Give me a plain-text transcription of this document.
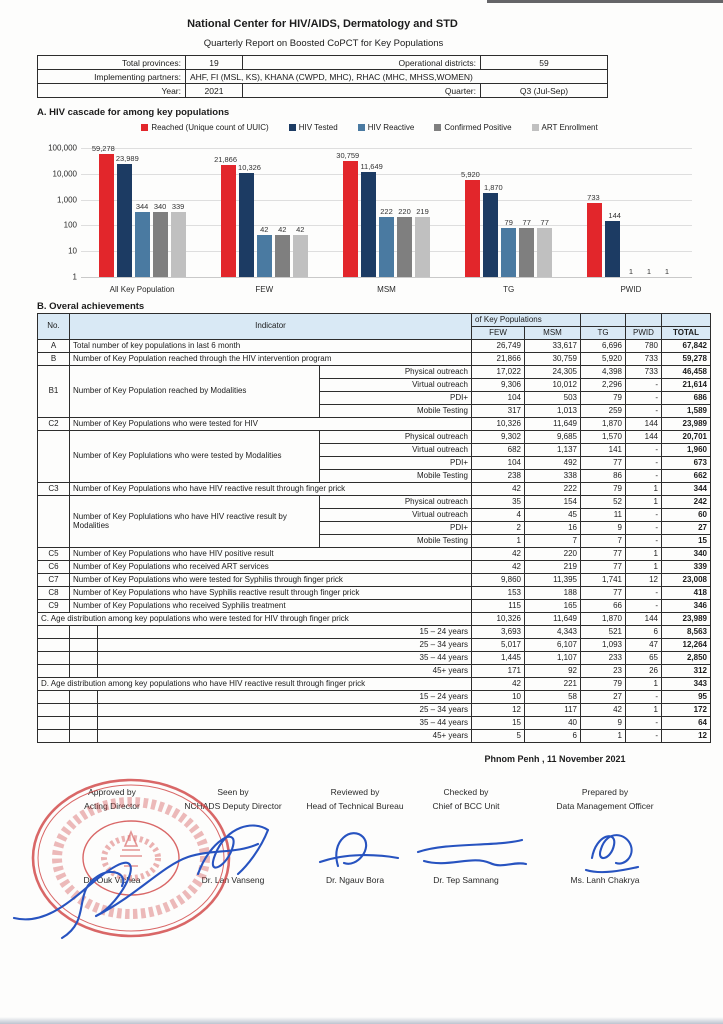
National Center for HIV/AIDS, Dermatology and STD
Quarterly Report on Boosted CoPCT for Key Populations
Total provinces:	19	Operational districts:	59
Implementing partners:	AHF, FI (MSL, KS), KHANA (CWPD, MHC), RHAC (MHC, MHSS,WOMEN)		
Year:	2021	Quarter:	Q3 (Jul-Sep)
A. HIV cascade for among key populations
Reached (Unique count of UUIC)	HIV Tested	HIV Reactive	Confirmed Positive	ART Enrollment
1
10
100
1,000
10,000
100,000 59,278
23,989
344 340 339
All Key Population
21,866
10,326
42 42 42
FEW
30,759
11,649
222 220 219
MSM
5,920
1,870
79 77 77
TG
733
144
1 1 1
PWID
B. Overal achievements
No.	Indicator			of Key Populations				
				FEW	MSM	TG	PWID	TOTAL
A	Total number of key populations in last 6 month			26,749	33,617	6,696	780	67,842
B	Number of Key Population reached through the HIV intervention program			21,866	30,759	5,920	733	59,278
B1	Number of Key Population reached by Modalities		Physical outreach	17,022	24,305	4,398	733	46,458
			Virtual outreach	9,306	10,012	2,296	-	21,614
			PDI+	104	503	79	-	686
			Mobile Testing	317	1,013	259	-	1,589
C2	Number of Key Populations who were tested for HIV			10,326	11,649	1,870	144	23,989
	Number of Key Poplulations who were tested by Modalities		Physical outreach	9,302	9,685	1,570	144	20,701
			Virtual outreach	682	1,137	141	-	1,960
			PDI+	104	492	77	-	673
			Mobile Testing	238	338	86	-	662
C3	Number of Key Populations who have HIV reactive result through finger prick			42	222	79	1	344
	Number of Key Poplulations who have HIV reactive result by Modalities		Physical outreach	35	154	52	1	242
			Virtual outreach	4	45	11	-	60
			PDI+	2	16	9	-	27
			Mobile Testing	1	7	7	-	15
C5	Number of Key Populations who have HIV positive result			42	220	77	1	340
C6	Number of Key Populations who received ART services			42	219	77	1	339
C7	Number of Key Populations who were tested for Syphilis through finger prick			9,860	11,395	1,741	12	23,008
C8	Number of Key Populations who have Syphilis reactive result through finger prick			153	188	77	-	418
C9	Number of Key Populations who received Syphilis treatment			115	165	66	-	346
C. Age distribution among key populations who were tested for HIV through finger prick				10,326	11,649	1,870	144	23,989
		15 – 24 years		3,693	4,343	521	6	8,563
		25 – 34 years		5,017	6,107	1,093	47	12,264
		35 – 44 years		1,445	1,107	233	65	2,850
		45+ years		171	92	23	26	312
D. Age distribution among key populations who have HIV reactive result through finger prick				42	221	79	1	343
		15 – 24 years		10	58	27	-	95
		25 – 34 years		12	117	42	1	172
		35 – 44 years		15	40	9	-	64
		45+ years		5	6	1	-	12
Phnom Penh , 11 November 2021
Approved by
Acting Director
Dr. Ouk Vichea
Seen by
NCHADS Deputy Director
Dr. Lan Vanseng
Reviewed by
Head of Technical Bureau
Dr. Ngauv Bora
Checked by
Chief of BCC Unit
Dr. Tep Samnang
Prepared by
Data Management Officer
Ms. Lanh Chakrya
